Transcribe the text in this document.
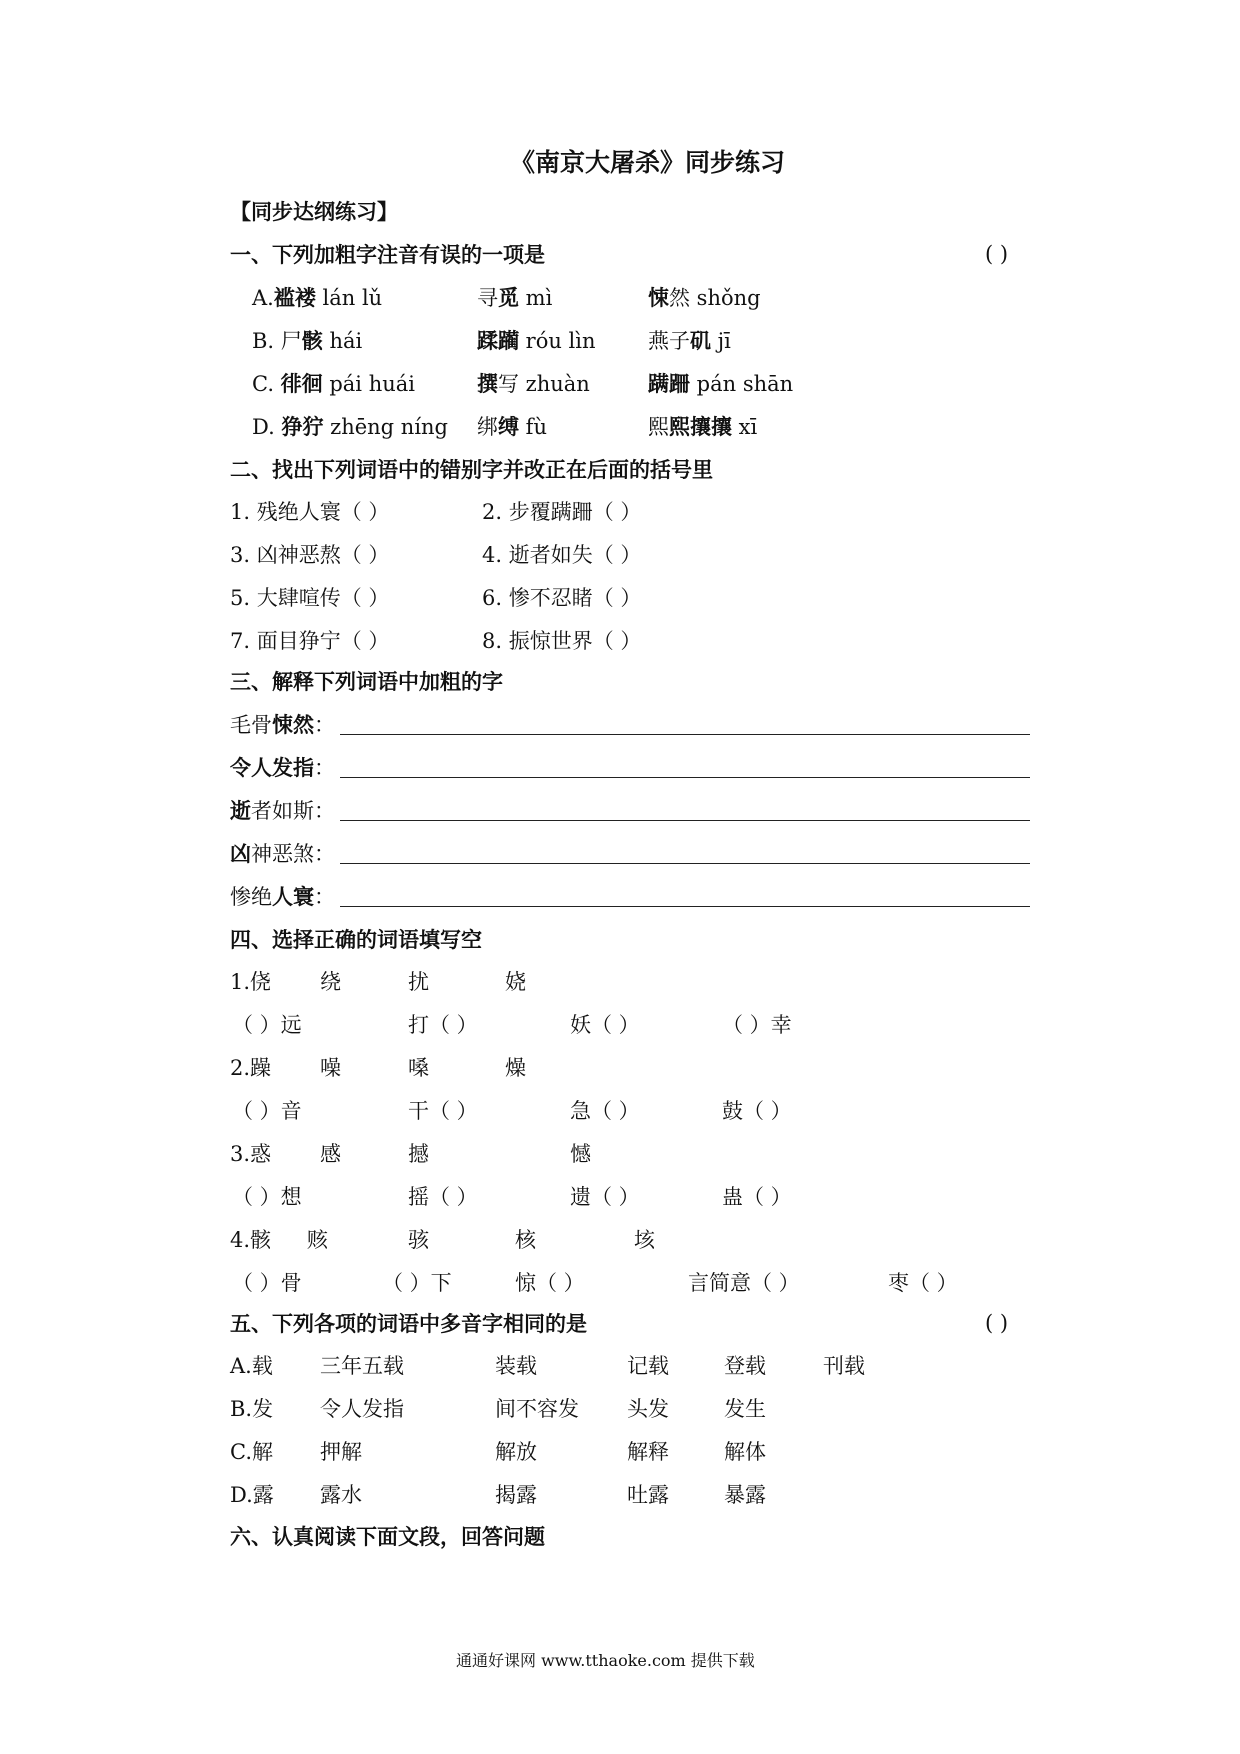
《南京大屠杀》同步练习
【同步达纲练习】
一、下列加粗字注音有误的一项是	( )
A.褴褛 lán lǔ	寻觅 mì	悚然 shǒng
B. 尸骸 hái	蹂躏 róu lìn 燕子矶 jī
C. 徘徊 pái huái	撰写 zhuàn	蹒跚 pán shān
D. 狰狞 zhēng níng 绑缚 fù	熙熙攘攘 xī
二、找出下列词语中的错别字并改正在后面的括号里
1. 残绝人寰（ ）	2. 步覆蹒跚（ ）
3. 凶神恶熬（ ）	4. 逝者如失（ ）
5. 大肆喧传（ ）	6. 惨不忍睹（ ）
7. 面目狰宁（ ）	8. 振惊世界（ ）
三、解释下列词语中加粗的字
毛骨悚然：
令人发指：
逝者如斯：
凶神恶煞：
惨绝人寰：
四、选择正确的词语填写空
1.侥 绕	扰	娆
（ ）远	打（ ）	妖（ ）	（ ）幸
2.躁 噪	嗓	燥
（ ）音	干（ ）	急（ ）	鼓（ ）
3.惑 感	撼	憾
（ ）想	摇（ ）	遗（ ）	蛊（ ）
4.骸 赅	骇	核	垓
（ ）骨	（ ）下	惊（ ）	言简意（ ）	枣（ ）
五、下列各项的词语中多音字相同的是	( )
A.载 三年五载	装载	记载	登载	刊载
B.发 令人发指	间不容发 头发	发生
C.解 押解	解放	解释	解体
D.露 露水	揭露	吐露	暴露
六、认真阅读下面文段，回答问题
通通好课网 www.tthaoke.com 提供下载
